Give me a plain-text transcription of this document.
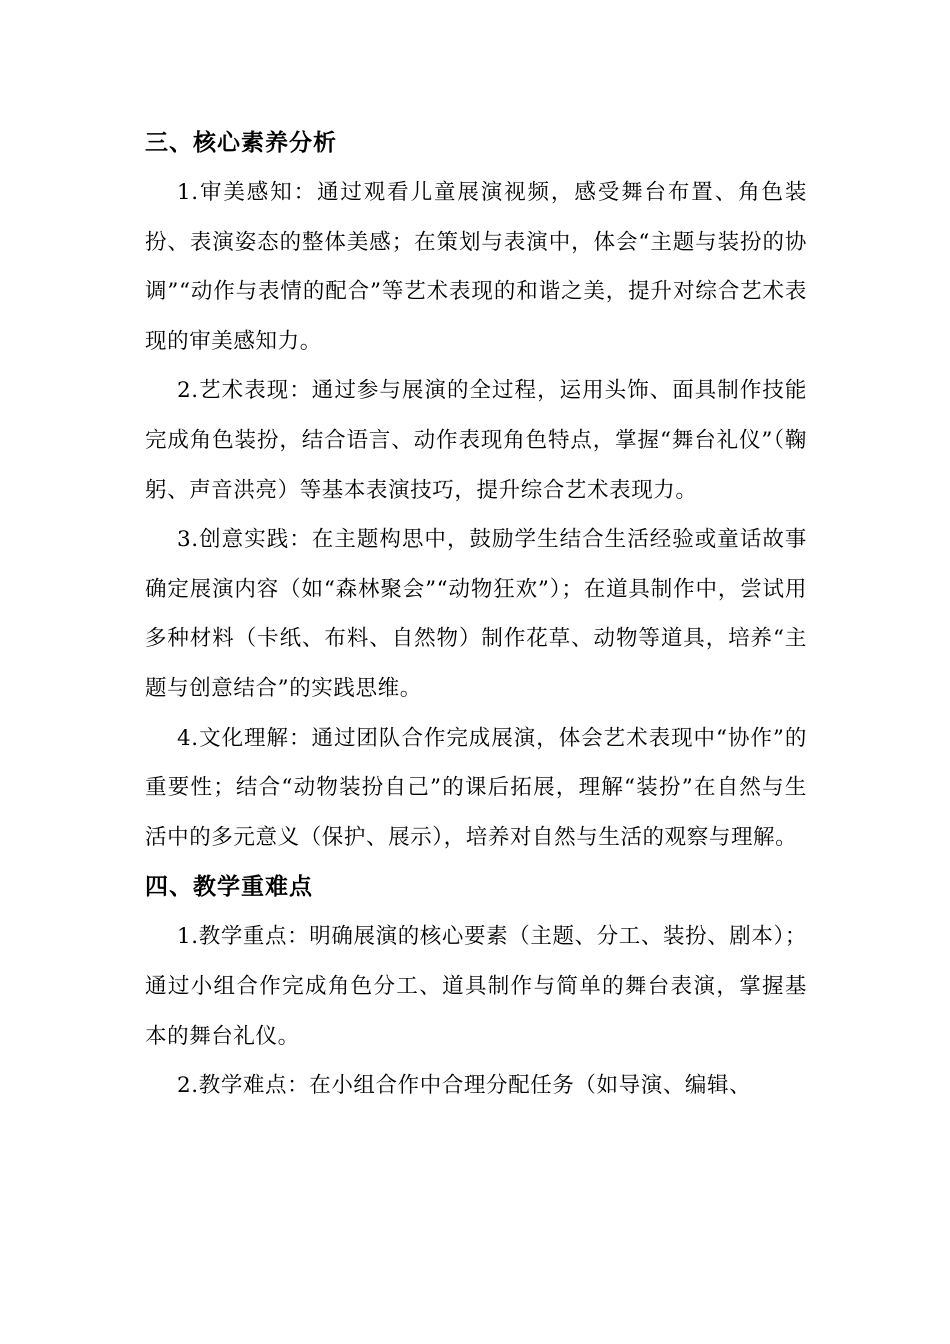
三、核心素养分析

1.审美感知：通过观看儿童展演视频，感受舞台布置、角色装扮、表演姿态的整体美感；在策划与表演中，体会“主题与装扮的协调”“动作与表情的配合”等艺术表现的和谐之美，提升对综合艺术表现的审美感知力。

2.艺术表现：通过参与展演的全过程，运用头饰、面具制作技能完成角色装扮，结合语言、动作表现角色特点，掌握“舞台礼仪”（鞠躬、声音洪亮）等基本表演技巧，提升综合艺术表现力。

3.创意实践：在主题构思中，鼓励学生结合生活经验或童话故事确定展演内容（如“森林聚会”“动物狂欢”）；在道具制作中，尝试用多种材料（卡纸、布料、自然物）制作花草、动物等道具，培养“主题与创意结合”的实践思维。

4.文化理解：通过团队合作完成展演，体会艺术表现中“协作”的重要性；结合“动物装扮自己”的课后拓展，理解“装扮”在自然与生活中的多元意义（保护、展示），培养对自然与生活的观察与理解。

四、教学重难点

1.教学重点：明确展演的核心要素（主题、分工、装扮、剧本）；通过小组合作完成角色分工、道具制作与简单的舞台表演，掌握基本的舞台礼仪。

2.教学难点：在小组合作中合理分配任务（如导演、编辑、
